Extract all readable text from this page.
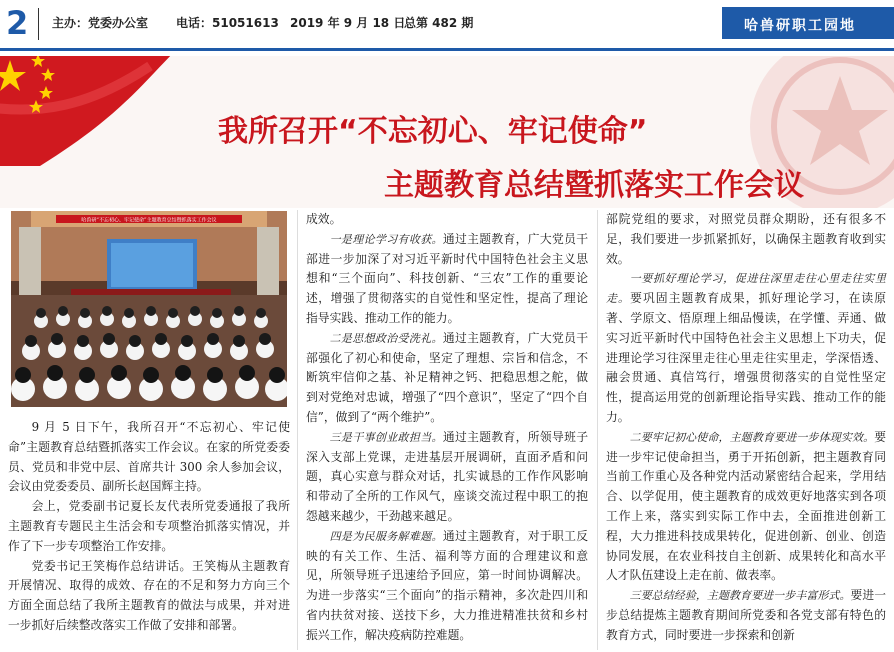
2 主办：党委办公室 电话：51051613 2019 年 9 月 18 日
总第 482 期	哈兽研职工园地
我所召开“不忘初心、牢记使命”
主题教育总结暨抓落实工作会议
哈兽研“不忘初心、牢记使命”主题教育总结暨抓落实工作会议

9 月 5 日下午，我所召开“不忘初心、牢记使命”主题教育总结暨抓落实工作会议。在家的所党委委员、党员和非党中层、首席共计 300 余人参加会议，会议由党委委员、副所长赵国辉主持。

会上，党委副书记夏长友代表所党委通报了我所主题教育专题民主生活会和专项整治抓落实情况，并作了下一步专项整治工作安排。

党委书记王笑梅作总结讲话。王笑梅从主题教育开展情况、取得的成效、存在的不足和努力方向三个方面全面总结了我所主题教育的做法与成果，并对进一步抓好后续整改落实工作做了安排和部署。

成效。

一是理论学习有收获。通过主题教育，广大党员干部进一步加深了对习近平新时代中国特色社会主义思想和“三个面向”、科技创新、“三农”工作的重要论述，增强了贯彻落实的自觉性和坚定性，提高了理论指导实践、推动工作的能力。

二是思想政治受洗礼。通过主题教育，广大党员干部强化了初心和使命，坚定了理想、宗旨和信念，不断筑牢信仰之基、补足精神之钙、把稳思想之舵，做到对党绝对忠诚，增强了“四个意识”，坚定了“四个自信”，做到了“两个维护”。

三是干事创业敢担当。通过主题教育，所领导班子深入支部上党课，走进基层开展调研，直面矛盾和问题，真心实意与群众对话，扎实诚恳的工作作风影响和带动了全所的工作风气，座谈交流过程中职工的抱怨越来越少，干劲越来越足。

四是为民服务解难题。通过主题教育，对于职工反映的有关工作、生活、福利等方面的合理建议和意见，所领导班子迅速给予回应，第一时间协调解决。为进一步落实“三个面向”的指示精神，多次赴四川和省内扶贫对接、送技下乡，大力推进精准扶贫和乡村振兴工作，解决疫病防控难题。

部院党组的要求，对照党员群众期盼，还有很多不足，我们要进一步抓紧抓好，以确保主题教育收到实效。

一要抓好理论学习，促进往深里走往心里走往实里走。要巩固主题教育成果，抓好理论学习，在读原著、学原文、悟原理上细品慢读，在学懂、弄通、做实习近平新时代中国特色社会主义思想上下功夫，促进理论学习往深里走往心里走往实里走，学深悟透、融会贯通、真信笃行，增强贯彻落实的自觉性坚定性，提高运用党的创新理论指导实践、推动工作的能力。

二要牢记初心使命，主题教育要进一步体现实效。要进一步牢记使命担当，勇于开拓创新，把主题教育同当前工作重心及各种党内活动紧密结合起来，学用结合、以学促用，使主题教育的成效更好地落实到各项工作上来，落实到实际工作中去，全面推进创新工程，大力推进科技成果转化，促进创新、创业、创造协同发展，在农业科技自主创新、成果转化和高水平人才队伍建设上走在前、做表率。

三要总结经验，主题教育要进一步丰富形式。要进一步总结提炼主题教育期间所党委和各党支部有特色的教育方式，同时要进一步探索和创新
